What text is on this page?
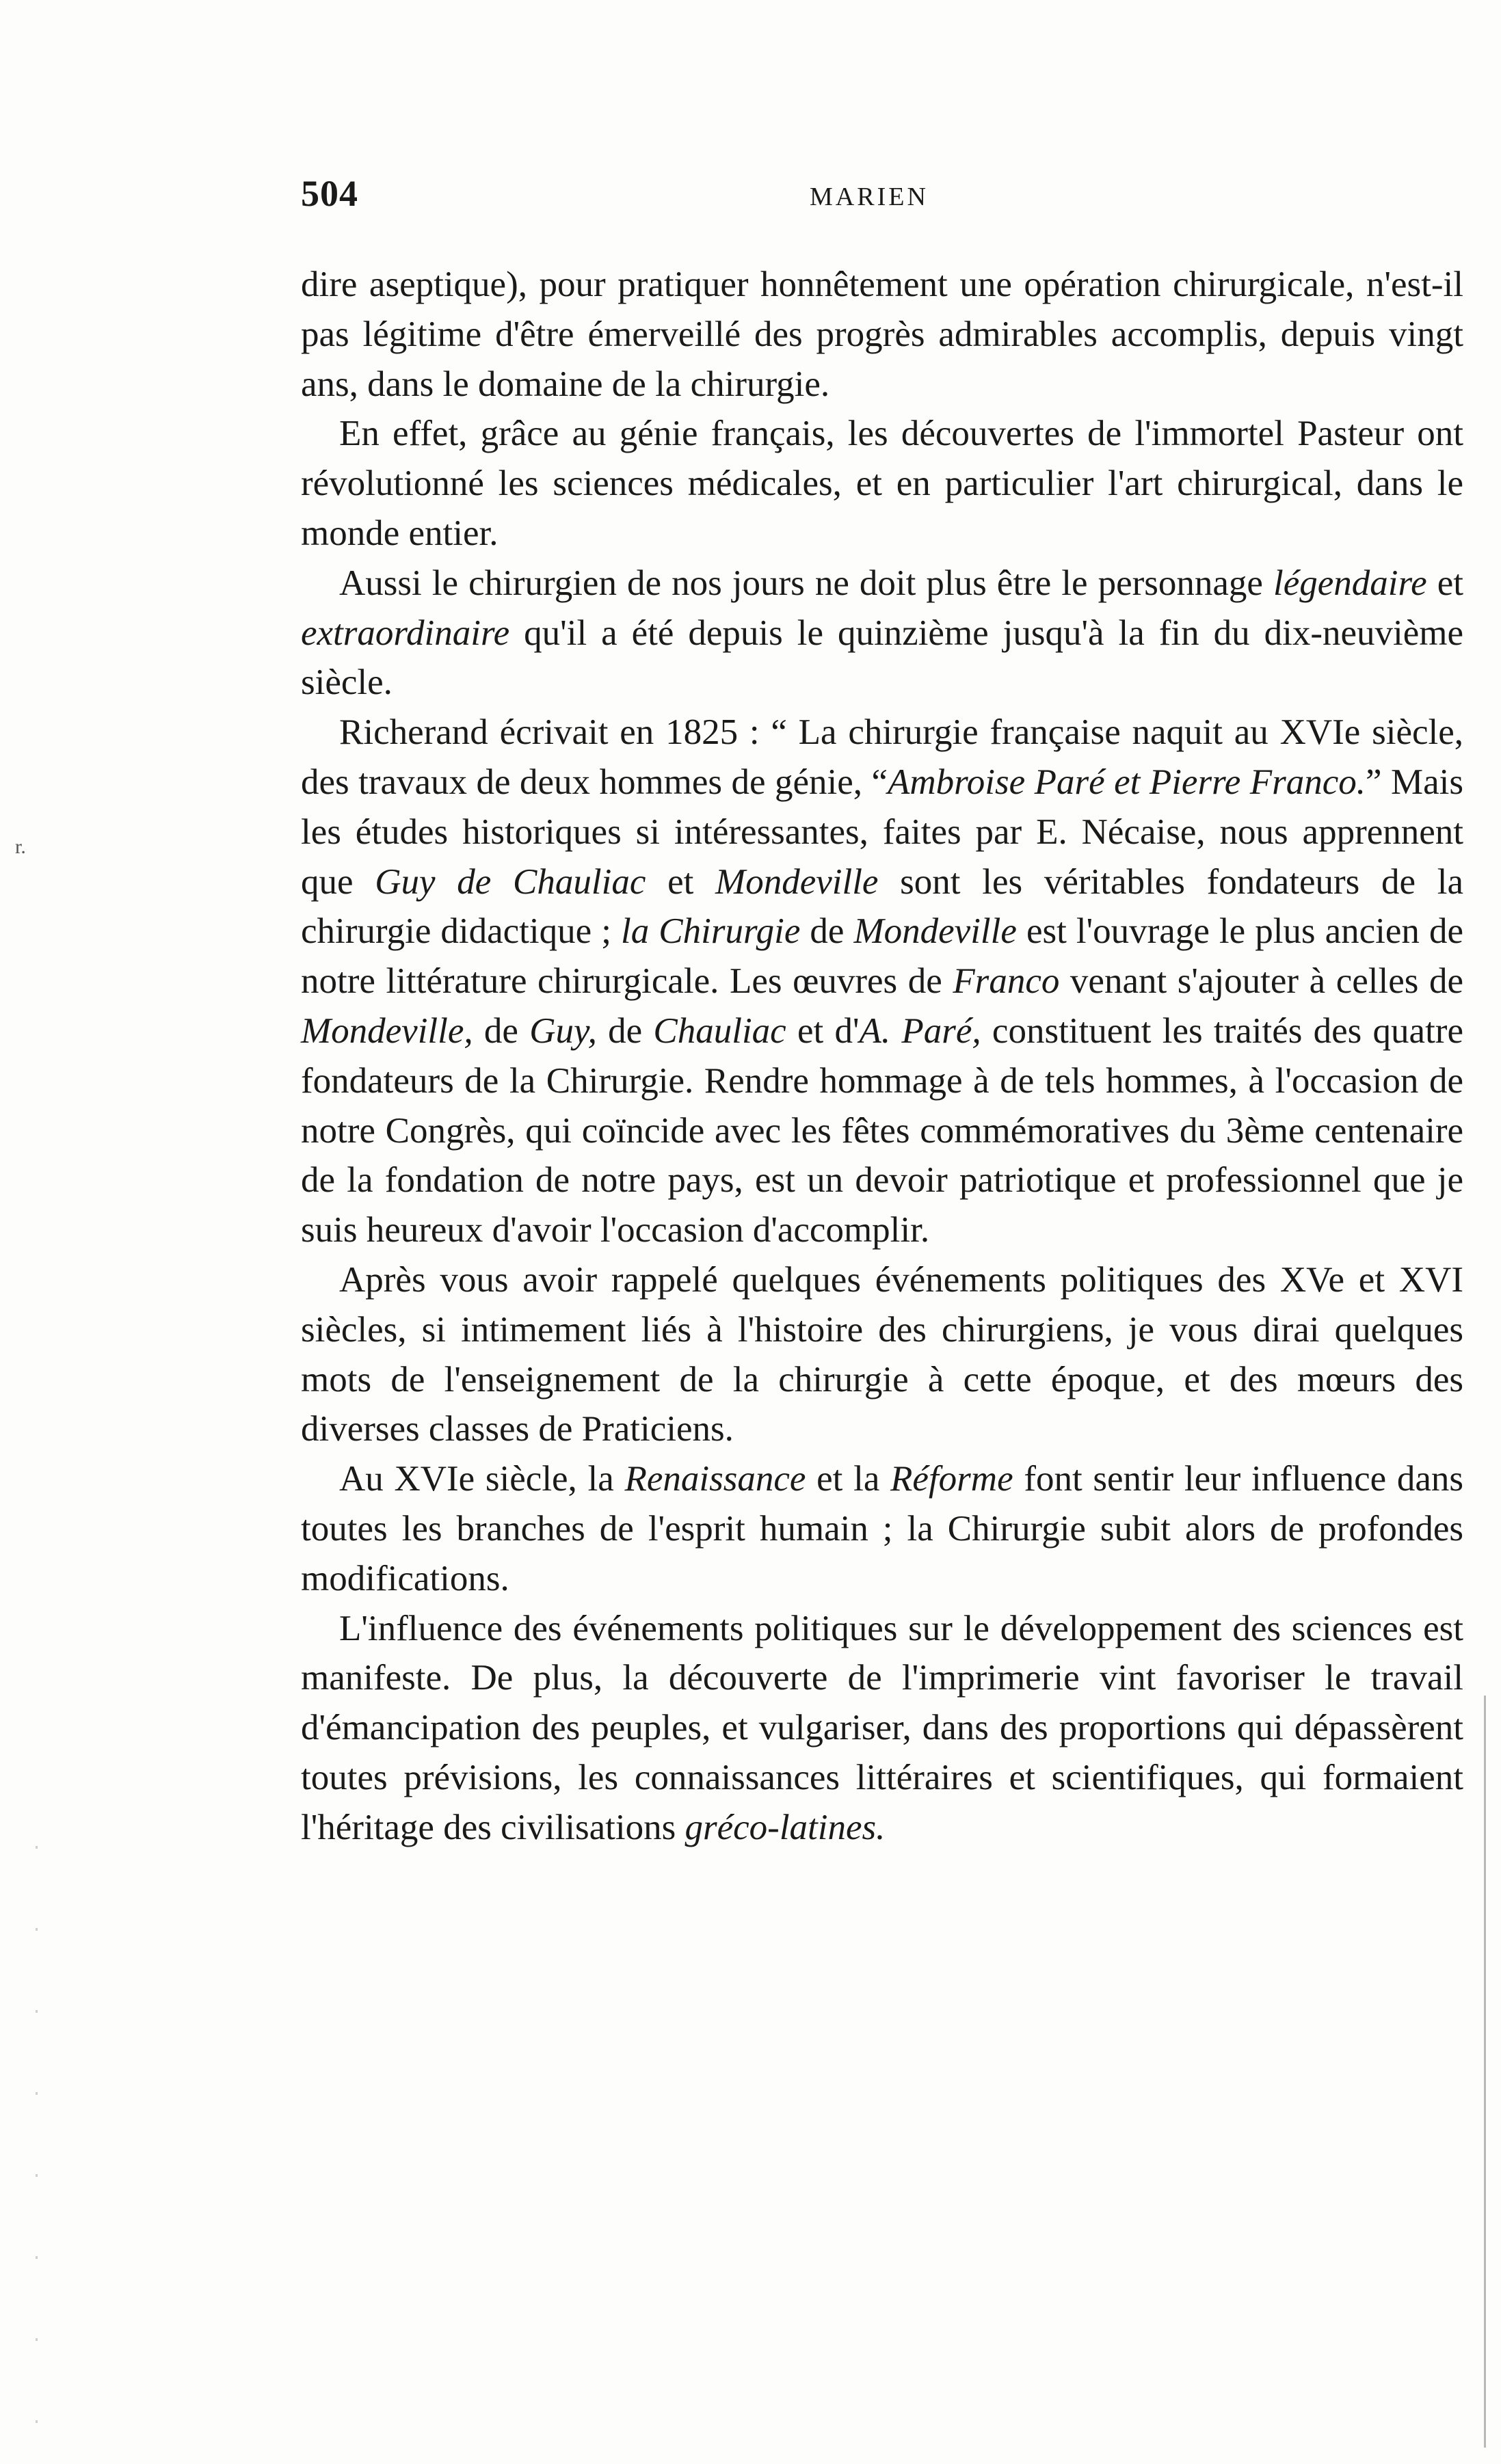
504	MARIEN
r.

dire aseptique), pour pratiquer honnêtement une opération chirurgicale, n'est-il pas légitime d'être émerveillé des progrès admirables accomplis, depuis vingt ans, dans le domaine de la chirurgie.

En effet, grâce au génie français, les découvertes de l'immortel Pasteur ont révolutionné les sciences médicales, et en particulier l'art chirurgical, dans le monde entier.

Aussi le chirurgien de nos jours ne doit plus être le personnage légendaire et extraordinaire qu'il a été depuis le quinzième jusqu'à la fin du dix-neuvième siècle.

Richerand écrivait en 1825 : “ La chirurgie française naquit au XVIe siècle, des travaux de deux hommes de génie, “Ambroise Paré et Pierre Franco.” Mais les études historiques si intéressantes, faites par E. Nécaise, nous apprennent que Guy de Chauliac et Mondeville sont les véritables fondateurs de la chirurgie didactique ; la Chirurgie de Mondeville est l'ouvrage le plus ancien de notre littérature chirurgicale. Les œuvres de Franco venant s'ajouter à celles de Mondeville, de Guy, de Chauliac et d'A. Paré, constituent les traités des quatre fondateurs de la Chirurgie. Rendre hommage à de tels hommes, à l'occasion de notre Congrès, qui coïncide avec les fêtes commémoratives du 3ème centenaire de la fondation de notre pays, est un devoir patriotique et professionnel que je suis heureux d'avoir l'occasion d'accomplir.

Après vous avoir rappelé quelques événements politiques des XVe et XVI siècles, si intimement liés à l'histoire des chirurgiens, je vous dirai quelques mots de l'enseignement de la chirurgie à cette époque, et des mœurs des diverses classes de Praticiens.

Au XVIe siècle, la Renaissance et la Réforme font sentir leur influence dans toutes les branches de l'esprit humain ; la Chirurgie subit alors de profondes modifications.

L'influence des événements politiques sur le développement des sciences est manifeste. De plus, la découverte de l'imprimerie vint favoriser le travail d'émancipation des peuples, et vulgariser, dans des proportions qui dépassèrent toutes prévisions, les connaissances littéraires et scientifiques, qui formaient l'héritage des civilisations gréco-latines.
